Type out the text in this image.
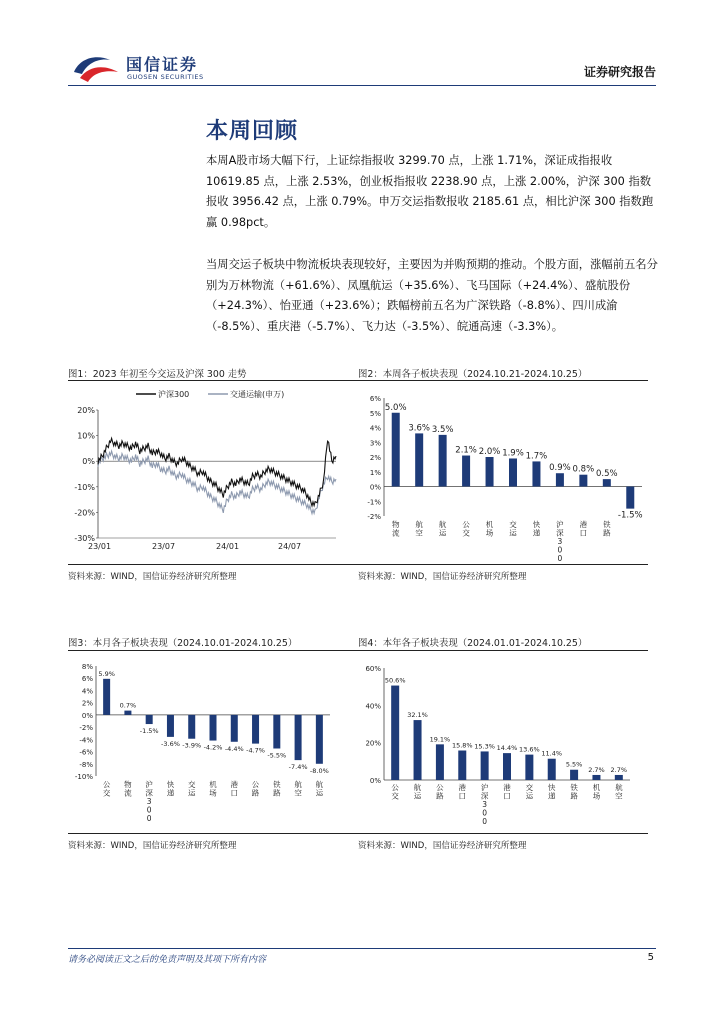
国信证券
GUOSEN SECURITIES	证券研究报告
本周回顾
本周A股市场大幅下行，上证综指报收 3299.70 点，上涨 1.71%，深证成指报收 10619.85 点，上涨 2.53%，创业板指报收 2238.90 点，上涨 2.00%，沪深 300 指数报收 3956.42 点，上涨 0.79%。申万交运指数报收 2185.61 点，相比沪深 300 指数跑赢 0.98pct。
当周交运子板块中物流板块表现较好，主要因为并购预期的推动。个股方面，涨幅前五名分别为万林物流（+61.6%）、凤凰航运（+35.6%）、飞马国际（+24.4%）、盛航股份（+24.3%）、怡亚通（+23.6%）；跌幅榜前五名为广深铁路（-8.8%）、四川成渝（-8.5%）、重庆港（-5.7%）、飞力达（-3.5%）、皖通高速（-3.3%）。
图1：2023 年初至今交运及沪深 300 走势
沪深300	交通运输(申万)
20%
10%
0%
-10%
-20%
-30%
23/01	23/07	24/01	24/07
资料来源：WIND，国信证券经济研究所整理
图2：本周各子板块表现（2024.10.21-2024.10.25）
6%
5%
4%
3%
2%
1%
0%
-1%
-2%
5.0%
物流
3.6%
航空
3.5%
航运
2.1%
公交
2.0%
机场
1.9%
交运
1.7%
快递
0.9%
沪深 3 0 0
0.8%
港口
0.5%
铁路
-1.5%
资料来源：WIND，国信证券经济研究所整理
图3：本月各子板块表现（2024.10.01-2024.10.25）
8%
6%
4%
2%
0%
-2%
-4%
-6%
-8%
-10%
5.9%
公交
0.7%
物流
-1.5%
沪深 3 0 0
-3.6%
快递
-3.9%
交运
-4.2%
机场
-4.4%
港口
-4.7%
公路
-5.5%
铁路
-7.4%
航空
-8.0%
航运
资料来源：WIND，国信证券经济研究所整理
图4：本年各子板块表现（2024.01.01-2024.10.25）
60%
40%
20%
0%
50.6%
公交
32.1%
航运
19.1%
公路
15.8%
港口
15.3%
沪深 3 0 0
14.4%
港口
13.6%
交运
11.4%
快递
5.5%
铁路
2.7%
机场
2.7%
航空
资料来源：WIND，国信证券经济研究所整理
请务必阅读正文之后的免责声明及其项下所有内容	5
